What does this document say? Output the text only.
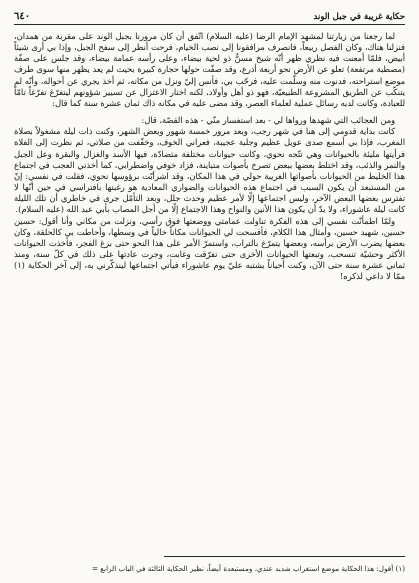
حكاية غريبة في جبل الوند
٦٤٠

لما رجعنا من زيارتنا لمشهد الإمام الرضا (عليه السلام) اتّفق أن كان مرورنا بجبل الوند على مقربة من همدان، فنزلنا هناك، وكان الفصل ربيعاً، فانصرف مرافقونا إلى نصب الخيام، فرحت أنظر إلى سفح الجبل، وإذا بي أرى شيئاً أبيض، فلمّا أمعنت فيه نظري ظهر أنّه شيخ مسنٌّ ذو لحية بيضاء، وعلى رأسه عمامة بيضاء، وقد جلس على صفّة (مصطبة مرتفعة) تعلو عن الأرض نحو أربعة أذرع، وقد صفّت حولها حجارة كبيرة بحيث لم يعد يظهر منها سوى طرف موضع استراحته، فدنوت منه وسلّمت عليه، فرحّب بي، فأنس إليّ ونزل من مكانه، ثم أخذ يجري عن أحواله، وأنّه لم يتنكّب عن الطريق المشروعة الطبيعيّة، فهو ذو أهل وأولاد، لكنه اختار الاعتزال عن تسيير شؤونهم ليتفرّغ تفرّغاً تامّاً للعبادة، وكانت لديه رسائل عملية لعلماء العصر، وقد مضى عليه في مكانه ذاك ثمان عشرة سنة كما قال:

ومن العجائب التي شهدها ورواها لي - بعد استفسار منّي - هذه القصّة، قال:

كانت بداية قدومي إلى هنا في شهر رجب، وبعد مرور خمسة شهور وبعض الشهر، وكنت ذات ليلة مشغولاً بصلاة المغرب، فإذا بي أسمع صدى عويل عظيم وجلبة عجيبة، فعراني الخوف، وخفّفت من صلاتي، ثم نظرت إلى الفلاة فرأيتها مليئة بالحيوانات وهي تتّجه نحوي، وكانت حيوانات مختلفة متضادّة، فيها الأسد والغزال والبقرة وعل الجبل والنمر والذئب، وقد اختلط بعضها ببعض تصرخ بأصوات متباينة، فزاد خوفي واضطرابي، كما أخذني العجب في اجتماع هذا الخليط من الحيوانات بأصواتها الغريبة حولي في هذا المكان، وقد اشرأبّت برؤوسها نحوي، فقلت في نفسي: إنّ من المستبعد أن يكون السبب في اجتماع هذه الحيوانات والضواري المعادية هو رغبتها بافتراسي في حين أنّها لا تفترس بعضها البعض الآخر، وليس اجتماعها إلّا لأمر عظيم وحدث جلل، وبعد التأمّل جرى في خاطري أن تلك الليلة كانت ليلة عاشوراء، ولا بدّ أن يكون هذا الأنين والنواح وهذا الاجتماع إلّا من أجل المصاب بأبي عبد الله (عليه السلام).

ولمّا اطمأنّت نفسي إلى هذه الفكرة تناولت عمامتي ووضعتها فوق رأسي، ونزلت من مكاني وأنا أقول: حسين حسين، شهيد حسين، وأمثال هذا الكلام، فأفسحت لي الحيوانات مكاناً خالياً في وسطها، وأحاطت بي كالحلقة، وكان بعضها يضرب الأرض برأسه، وبعضها يتمرّغ بالتراب، واستمرّ الأمر على هذا النحو حتى بزغ الفجر، فأخذت الحيوانات الأكثر وحشيّة تنسحب، وتبعتها الحيوانات الأخرى حتى تفرّقت وغابت، وجرت عادتها على ذلك في كلّ سنة، ومنذ ثماني عشرة سنة حتى الآن، وكنت أحياناً يشتبه عليّ يوم عاشوراء فيأتي اجتماعها لينذكّرني به، إلى آخر الحكاية (١) ممّا لا داعي لذكره!

(١) أقول: هذا الحكاية موضع استغراب شديد عندي، ومستبعدة أيضاً، نظير الحكاية الثالثة في الباب الرابع =
